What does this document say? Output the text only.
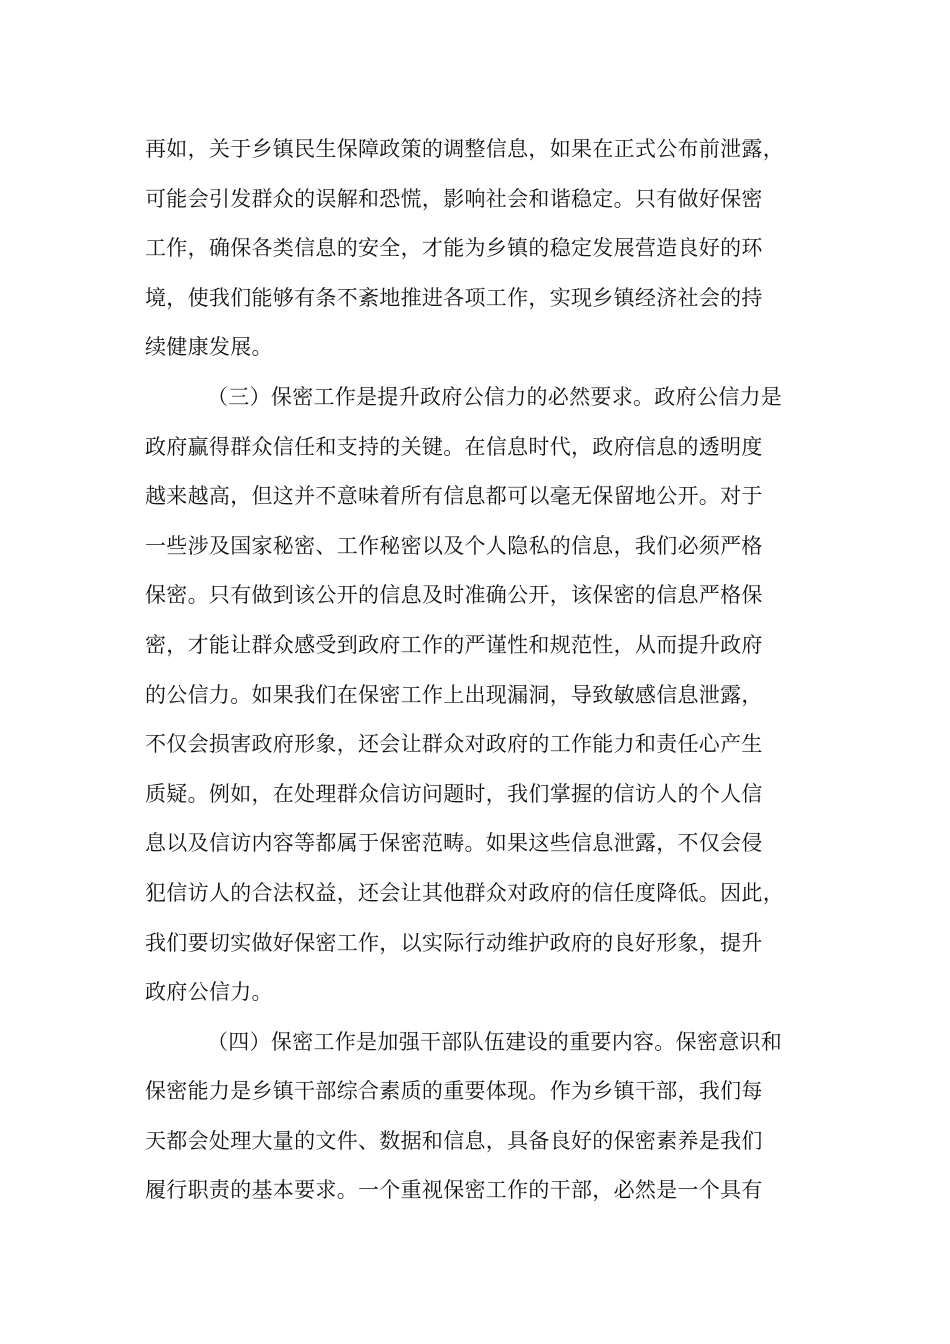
再如，关于乡镇民生保障政策的调整信息，如果在正式公布前泄露，
可能会引发群众的误解和恐慌，影响社会和谐稳定。只有做好保密
工作，确保各类信息的安全，才能为乡镇的稳定发展营造良好的环
境，使我们能够有条不紊地推进各项工作，实现乡镇经济社会的持
续健康发展。
（三）保密工作是提升政府公信力的必然要求。政府公信力是
政府赢得群众信任和支持的关键。在信息时代，政府信息的透明度
越来越高，但这并不意味着所有信息都可以毫无保留地公开。对于
一些涉及国家秘密、工作秘密以及个人隐私的信息，我们必须严格
保密。只有做到该公开的信息及时准确公开，该保密的信息严格保
密，才能让群众感受到政府工作的严谨性和规范性，从而提升政府
的公信力。如果我们在保密工作上出现漏洞，导致敏感信息泄露，
不仅会损害政府形象，还会让群众对政府的工作能力和责任心产生
质疑。例如，在处理群众信访问题时，我们掌握的信访人的个人信
息以及信访内容等都属于保密范畴。如果这些信息泄露，不仅会侵
犯信访人的合法权益，还会让其他群众对政府的信任度降低。因此，
我们要切实做好保密工作，以实际行动维护政府的良好形象，提升
政府公信力。
（四）保密工作是加强干部队伍建设的重要内容。保密意识和
保密能力是乡镇干部综合素质的重要体现。作为乡镇干部，我们每
天都会处理大量的文件、数据和信息，具备良好的保密素养是我们
履行职责的基本要求。一个重视保密工作的干部，必然是一个具有
